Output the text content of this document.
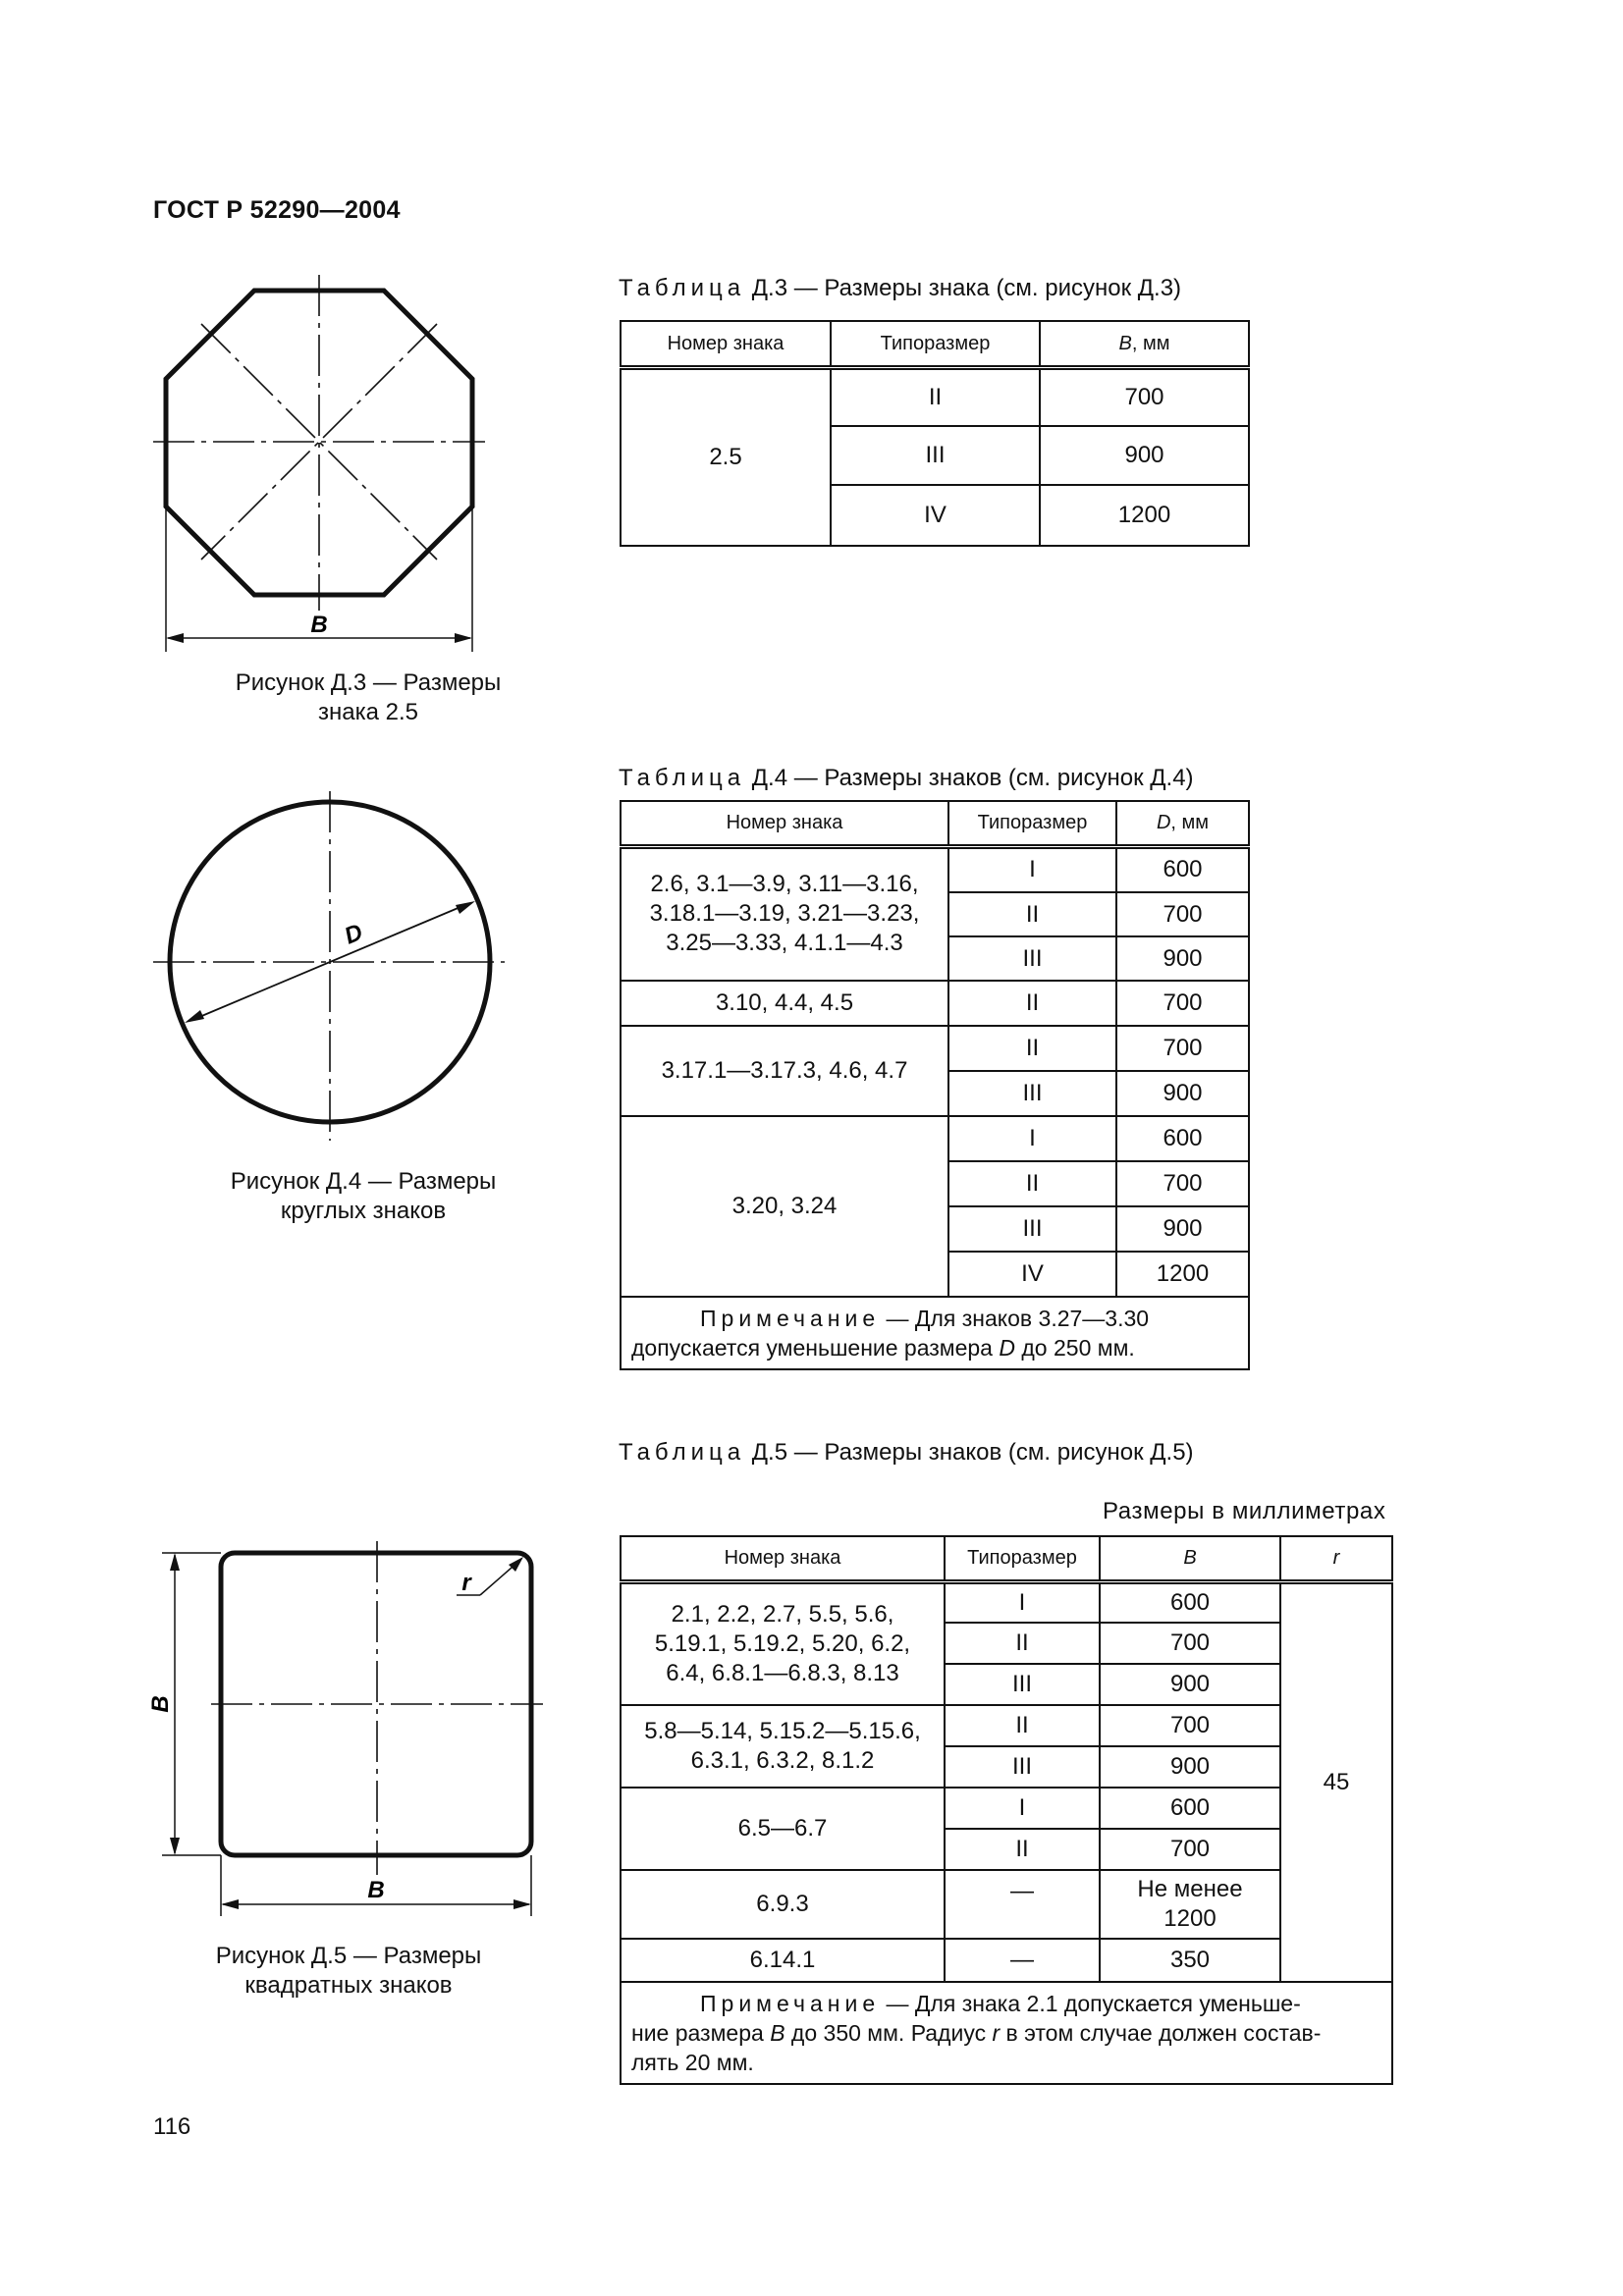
ГОСТ Р 52290—2004
116
B
Рисунок Д.3 — Размеры
знака 2.5
Таблица Д.3 — Размеры знака (см. рисунок Д.3)
Номер знака	Типоразмер	B, мм
2.5	II	700
	III	900
	IV	1200
D
Рисунок Д.4 — Размеры
круглых знаков
Таблица Д.4 — Размеры знаков (см. рисунок Д.4)
Номер знака	Типоразмер	D, мм

2.6, 3.1—3.9, 3.11—3.16,
3.18.1—3.19, 3.21—3.23,
3.25—3.33, 4.1.1—4.3	I	600
	II	700
	III	900
3.10, 4.4, 4.5	II	700
3.17.1—3.17.3, 4.6, 4.7	II	700
	III	900
3.20, 3.24	I	600
	II	700
	III	900
	IV	1200

Примечание — Для знаков 3.27—3.30
допускается уменьшение размера D до 250 мм.		
B
B
r
Рисунок Д.5 — Размеры
квадратных знаков
Таблица Д.5 — Размеры знаков (см. рисунок Д.5)
Размеры в миллиметрах
Номер знака	Типоразмер	B	r

2.1, 2.2, 2.7, 5.5, 5.6,
5.19.1, 5.19.2, 5.20, 6.2,
6.4, 6.8.1—6.8.3, 8.13	I	600	45
	II	700	
	III	900	

5.8—5.14, 5.15.2—5.15.6,
6.3.1, 6.3.2, 8.1.2	II	700	
	III	900	
6.5—6.7	I	600	
	II	700	
6.9.3	—	Не менее
1200	

6.14.1	—	350	

Примечание — Для знака 2.1 допускается уменьше-
ние размера B до 350 мм. Радиус r в этом случае должен состав-
лять 20 мм.			
